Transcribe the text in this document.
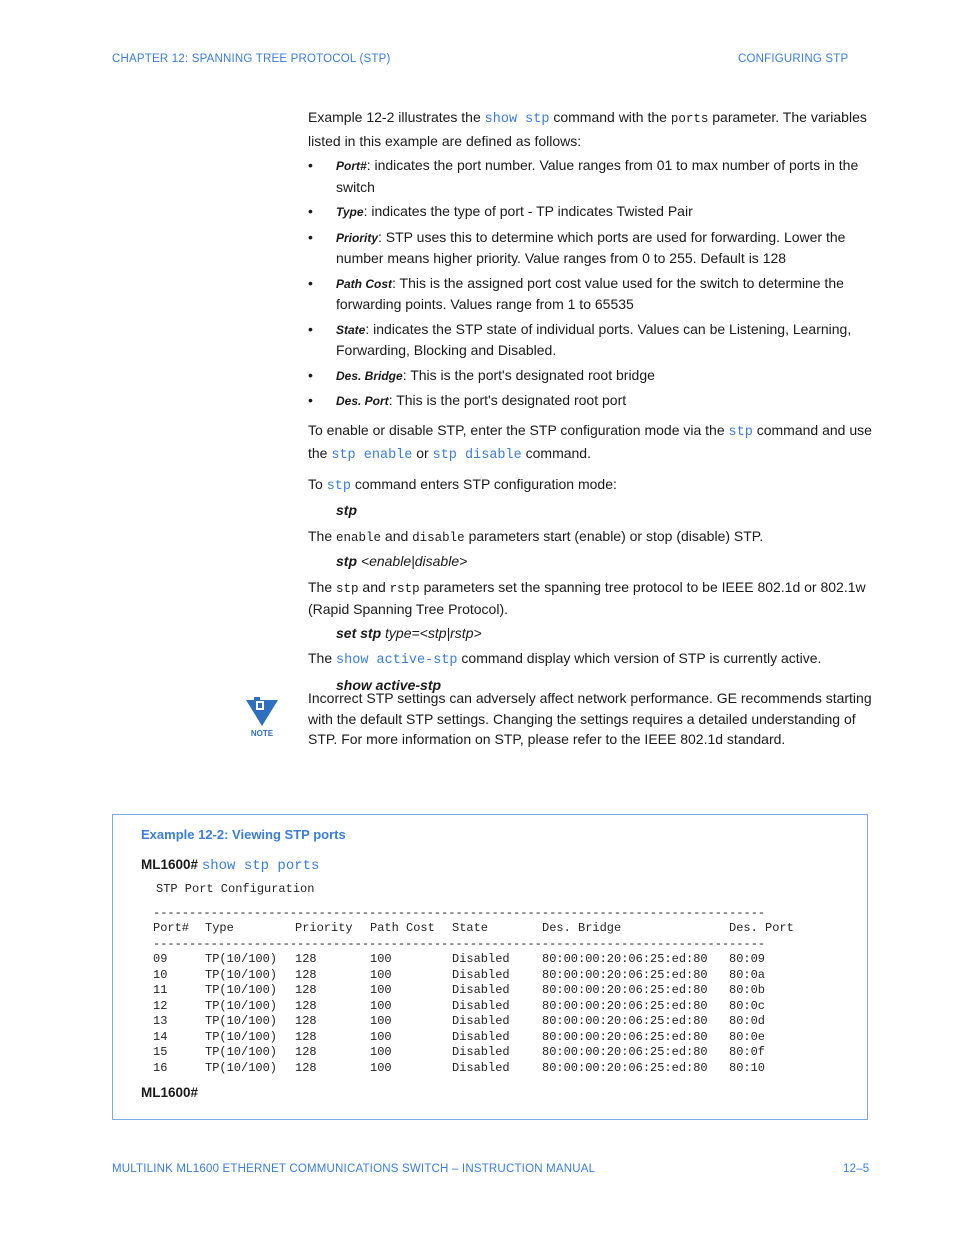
CHAPTER 12: SPANNING TREE PROTOCOL (STP)	CONFIGURING STP

Example 12-2 illustrates the show stp command with the ports parameter. The variables listed in this example are defined as follows:

• Port#: indicates the port number. Value ranges from 01 to max number of ports in the switch
• Type: indicates the type of port - TP indicates Twisted Pair
• Priority: STP uses this to determine which ports are used for forwarding. Lower the number means higher priority. Value ranges from 0 to 255. Default is 128
• Path Cost: This is the assigned port cost value used for the switch to determine the forwarding points. Values range from 1 to 65535
• State: indicates the STP state of individual ports. Values can be Listening, Learning, Forwarding, Blocking and Disabled.
• Des. Bridge: This is the port's designated root bridge
• Des. Port: This is the port's designated root port

To enable or disable STP, enter the STP configuration mode via the stp command and use the stp enable or stp disable command.

To stp command enters STP configuration mode:

stp

The enable and disable parameters start (enable) or stop (disable) STP.

stp <enable|disable>

The stp and rstp parameters set the spanning tree protocol to be IEEE 802.1d or 802.1w (Rapid Spanning Tree Protocol).

set stp type=<stp|rstp>

The show active-stp command display which version of STP is currently active.

show active-stp

NOTE

Incorrect STP settings can adversely affect network performance. GE recommends starting with the default STP settings. Changing the settings requires a detailed understanding of STP. For more information on STP, please refer to the IEEE 802.1d standard.

Example 12-2: Viewing STP ports

ML1600# show stp ports

STP Port Configuration

-------------------------------------------------------------------------------------						
Port#	Type	Priority	Path Cost	State	Des. Bridge	Des. Port
-------------------------------------------------------------------------------------						
09	TP(10/100)	128	100	Disabled	80:00:00:20:06:25:ed:80	80:09
10	TP(10/100)	128	100	Disabled	80:00:00:20:06:25:ed:80	80:0a
11	TP(10/100)	128	100	Disabled	80:00:00:20:06:25:ed:80	80:0b
12	TP(10/100)	128	100	Disabled	80:00:00:20:06:25:ed:80	80:0c
13	TP(10/100)	128	100	Disabled	80:00:00:20:06:25:ed:80	80:0d
14	TP(10/100)	128	100	Disabled	80:00:00:20:06:25:ed:80	80:0e
15	TP(10/100)	128	100	Disabled	80:00:00:20:06:25:ed:80	80:0f
16	TP(10/100)	128	100	Disabled	80:00:00:20:06:25:ed:80	80:10

ML1600#

MULTILINK ML1600 ETHERNET COMMUNICATIONS SWITCH – INSTRUCTION MANUAL	12–5
